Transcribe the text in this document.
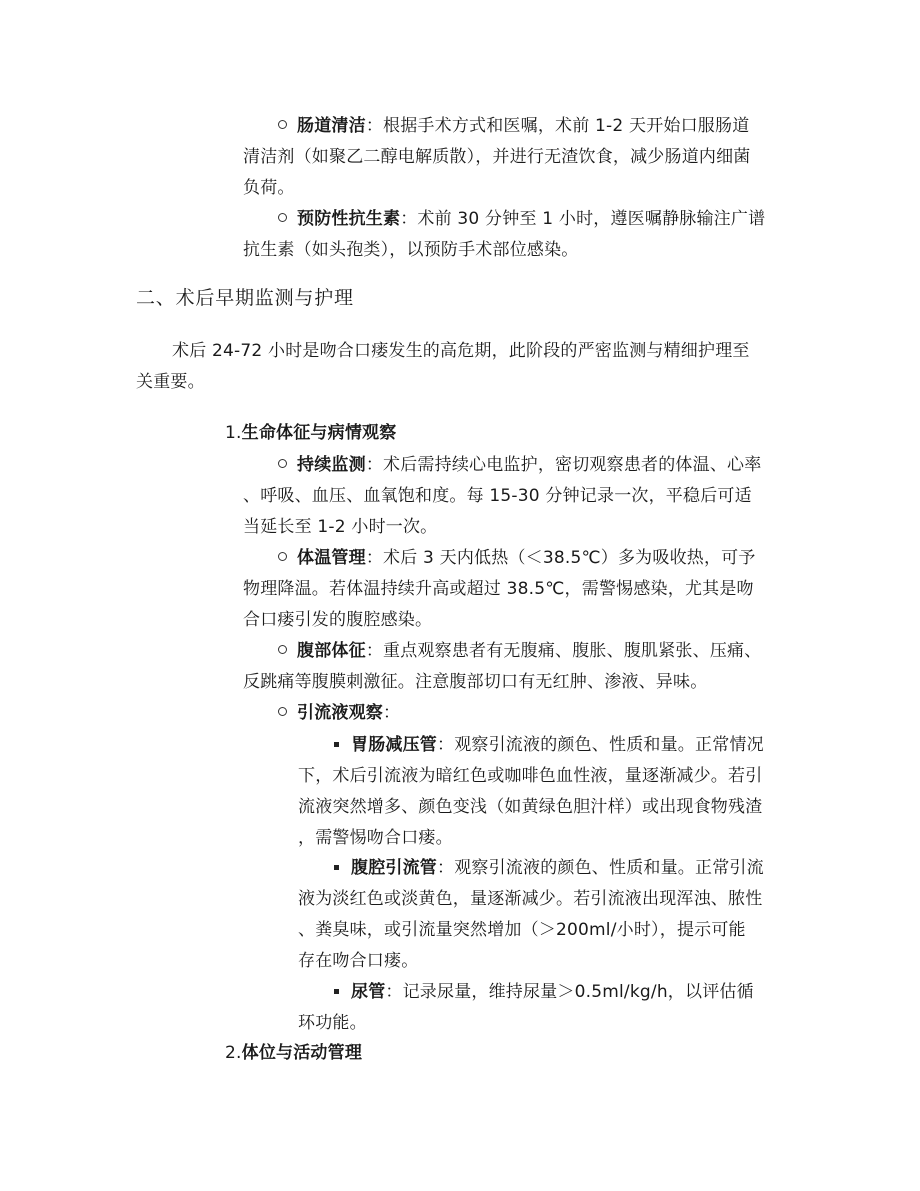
肠道清洁：根据手术方式和医嘱，术前 1-2 天开始口服肠道
清洁剂（如聚乙二醇电解质散），并进行无渣饮食，减少肠道内细菌
负荷。
预防性抗生素：术前 30 分钟至 1 小时，遵医嘱静脉输注广谱
抗生素（如头孢类），以预防手术部位感染。
二、术后早期监测与护理
术后 24-72 小时是吻合口瘘发生的高危期，此阶段的严密监测与精细护理至
关重要。
1.生命体征与病情观察
持续监测：术后需持续心电监护，密切观察患者的体温、心率
、呼吸、血压、血氧饱和度。每 15-30 分钟记录一次，平稳后可适
当延长至 1-2 小时一次。
体温管理：术后 3 天内低热（＜38.5℃）多为吸收热，可予
物理降温。若体温持续升高或超过 38.5℃，需警惕感染，尤其是吻
合口瘘引发的腹腔感染。
腹部体征：重点观察患者有无腹痛、腹胀、腹肌紧张、压痛、
反跳痛等腹膜刺激征。注意腹部切口有无红肿、渗液、异味。
引流液观察：
胃肠减压管：观察引流液的颜色、性质和量。正常情况
下，术后引流液为暗红色或咖啡色血性液，量逐渐减少。若引
流液突然增多、颜色变浅（如黄绿色胆汁样）或出现食物残渣
，需警惕吻合口瘘。
腹腔引流管：观察引流液的颜色、性质和量。正常引流
液为淡红色或淡黄色，量逐渐减少。若引流液出现浑浊、脓性
、粪臭味，或引流量突然增加（＞200ml/小时），提示可能
存在吻合口瘘。
尿管：记录尿量，维持尿量＞0.5ml/kg/h，以评估循
环功能。
2.体位与活动管理
